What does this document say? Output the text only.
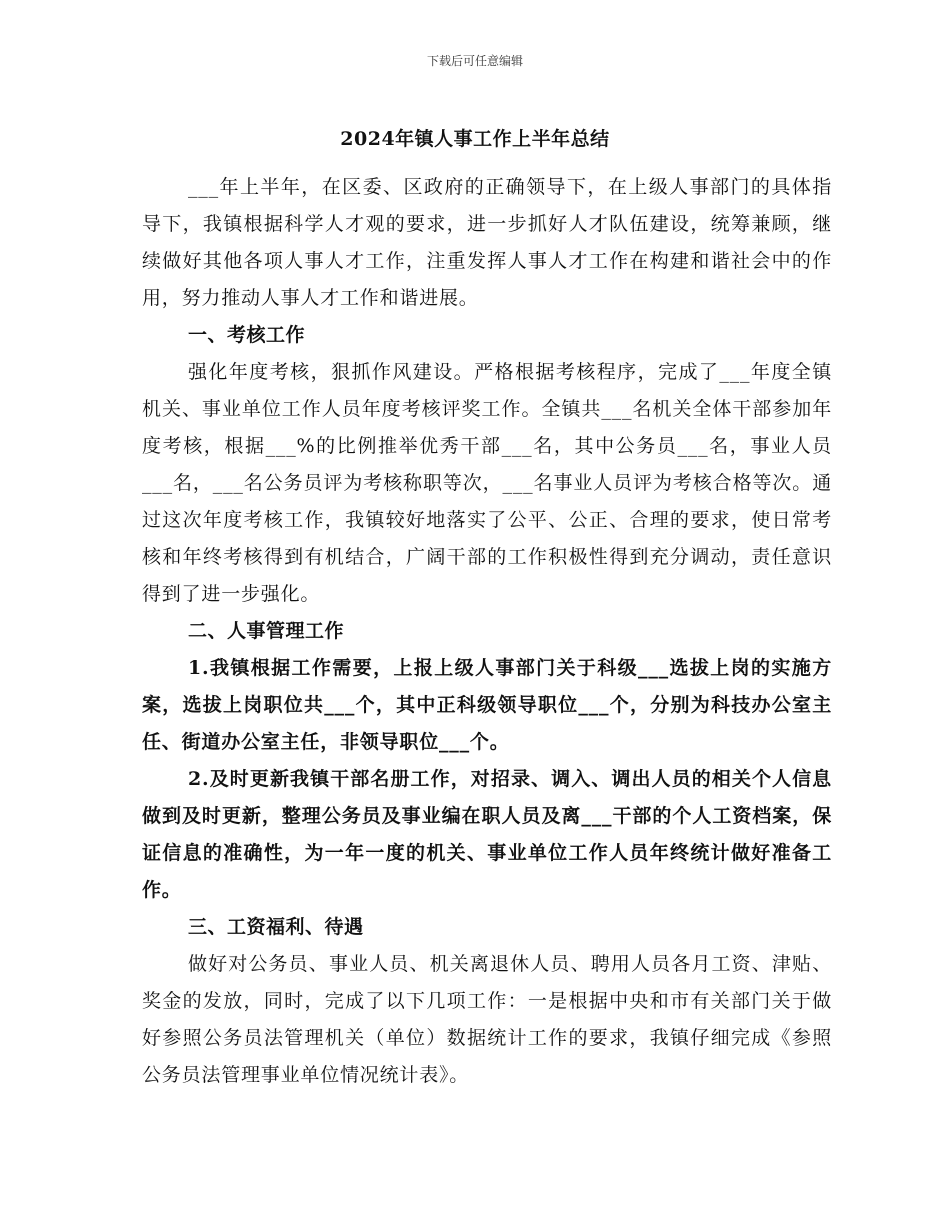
下载后可任意编辑
2024年镇人事工作上半年总结

___年上半年，在区委、区政府的正确领导下，在上级人事部门的具体指导下，我镇根据科学人才观的要求，进一步抓好人才队伍建设，统筹兼顾，继续做好其他各项人事人才工作，注重发挥人事人才工作在构建和谐社会中的作用，努力推动人事人才工作和谐进展。

一、考核工作

强化年度考核，狠抓作风建设。严格根据考核程序，完成了___年度全镇机关、事业单位工作人员年度考核评奖工作。全镇共___名机关全体干部参加年度考核，根据___%的比例推举优秀干部___名，其中公务员___名，事业人员___名，___名公务员评为考核称职等次，___名事业人员评为考核合格等次。通过这次年度考核工作，我镇较好地落实了公平、公正、合理的要求，使日常考核和年终考核得到有机结合，广阔干部的工作积极性得到充分调动，责任意识得到了进一步强化。

二、人事管理工作

1.我镇根据工作需要，上报上级人事部门关于科级___选拔上岗的实施方案，选拔上岗职位共___个，其中正科级领导职位___个，分别为科技办公室主任、街道办公室主任，非领导职位___个。

2.及时更新我镇干部名册工作，对招录、调入、调出人员的相关个人信息做到及时更新，整理公务员及事业编在职人员及离___干部的个人工资档案，保证信息的准确性，为一年一度的机关、事业单位工作人员年终统计做好准备工作。

三、工资福利、待遇

做好对公务员、事业人员、机关离退休人员、聘用人员各月工资、津贴、奖金的发放，同时，完成了以下几项工作：一是根据中央和市有关部门关于做好参照公务员法管理机关（单位）数据统计工作的要求，我镇仔细完成《参照公务员法管理事业单位情况统计表》。
